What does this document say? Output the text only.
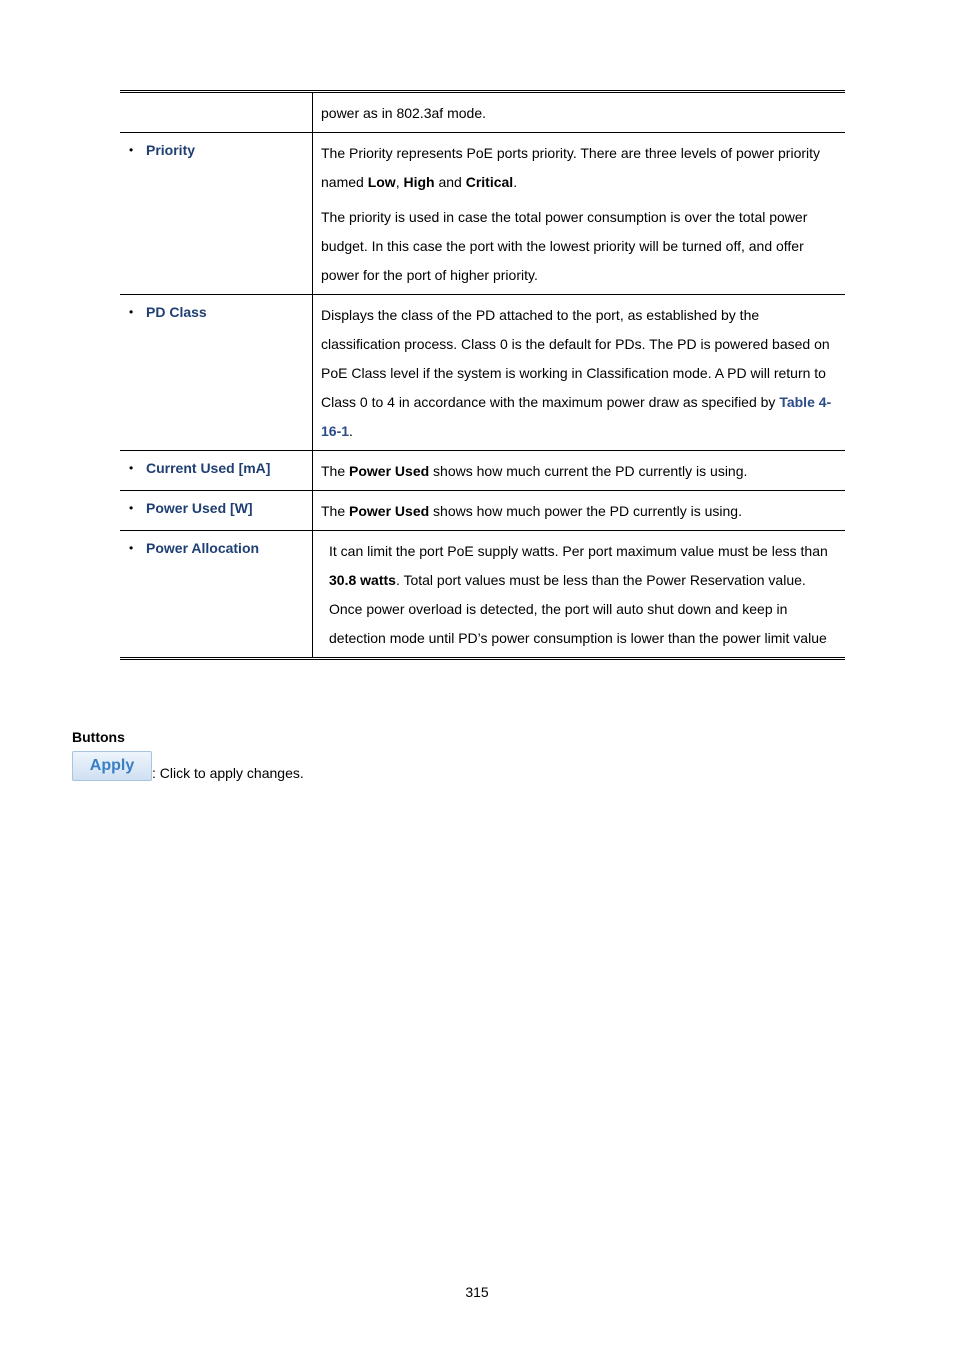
power as in 802.3af mode.

• Priority	The Priority represents PoE ports priority. There are three levels of power priority named Low, High and Critical.

The priority is used in case the total power consumption is over the total power budget. In this case the port with the lowest priority will be turned off, and offer power for the port of higher priority.

• PD Class	Displays the class of the PD attached to the port, as established by the classification process. Class 0 is the default for PDs. The PD is powered based on PoE Class level if the system is working in Classification mode. A PD will return to Class 0 to 4 in accordance with the maximum power draw as specified by Table 4-16-1.

• Current Used [mA]	The Power Used shows how much current the PD currently is using.

• Power Used [W]	The Power Used shows how much power the PD currently is using.

• Power Allocation	It can limit the port PoE supply watts. Per port maximum value must be less than 30.8 watts. Total port values must be less than the Power Reservation value. Once power overload is detected, the port will auto shut down and keep in detection mode until PD’s power consumption is lower than the power limit value

Buttons
Apply	: Click to apply changes.
315
